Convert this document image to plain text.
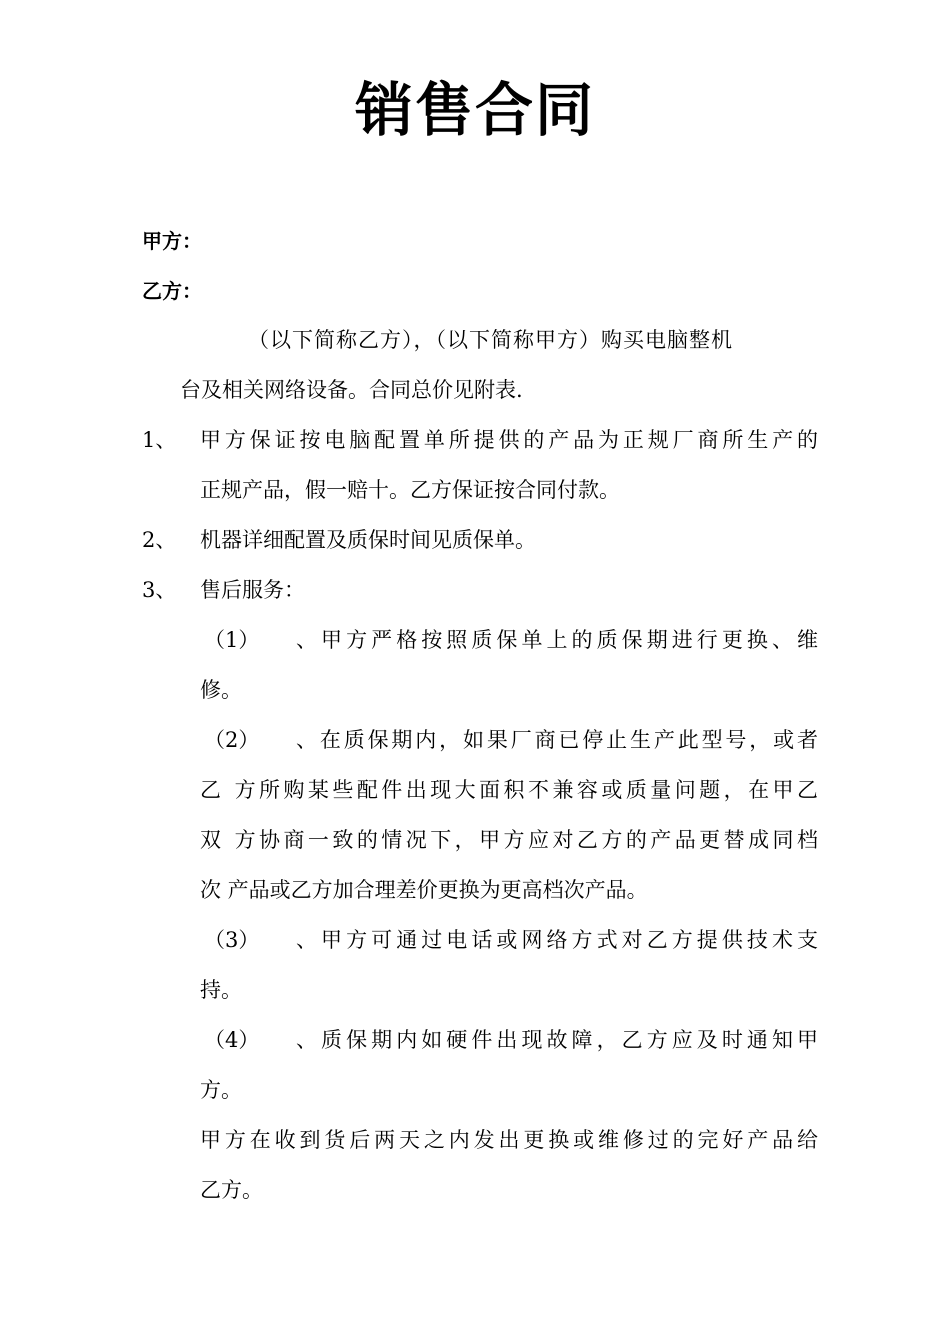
销售合同
甲方：
乙方：
（以下简称乙方），（以下简称甲方）购买电脑整机
台及相关网络设备。合同总价见附表.
1、 甲方保证按电脑配置单所提供的产品为正规厂商所生产的
正规产品，假一赔十。乙方保证按合同付款。
2、 机器详细配置及质保时间见质保单。
3、 售后服务：
（1） 、甲方严格按照质保单上的质保期进行更换、维
修。
（2） 、在质保期内，如果厂商已停止生产此型号，或者
乙 方所购某些配件出现大面积不兼容或质量问题，在甲乙
双 方协商一致的情况下，甲方应对乙方的产品更替成同档
次 产品或乙方加合理差价更换为更高档次产品。
（3） 、甲方可通过电话或网络方式对乙方提供技术支
持。
（4） 、质保期内如硬件出现故障，乙方应及时通知甲
方。
甲方在收到货后两天之内发出更换或维修过的完好产品给
乙方。
